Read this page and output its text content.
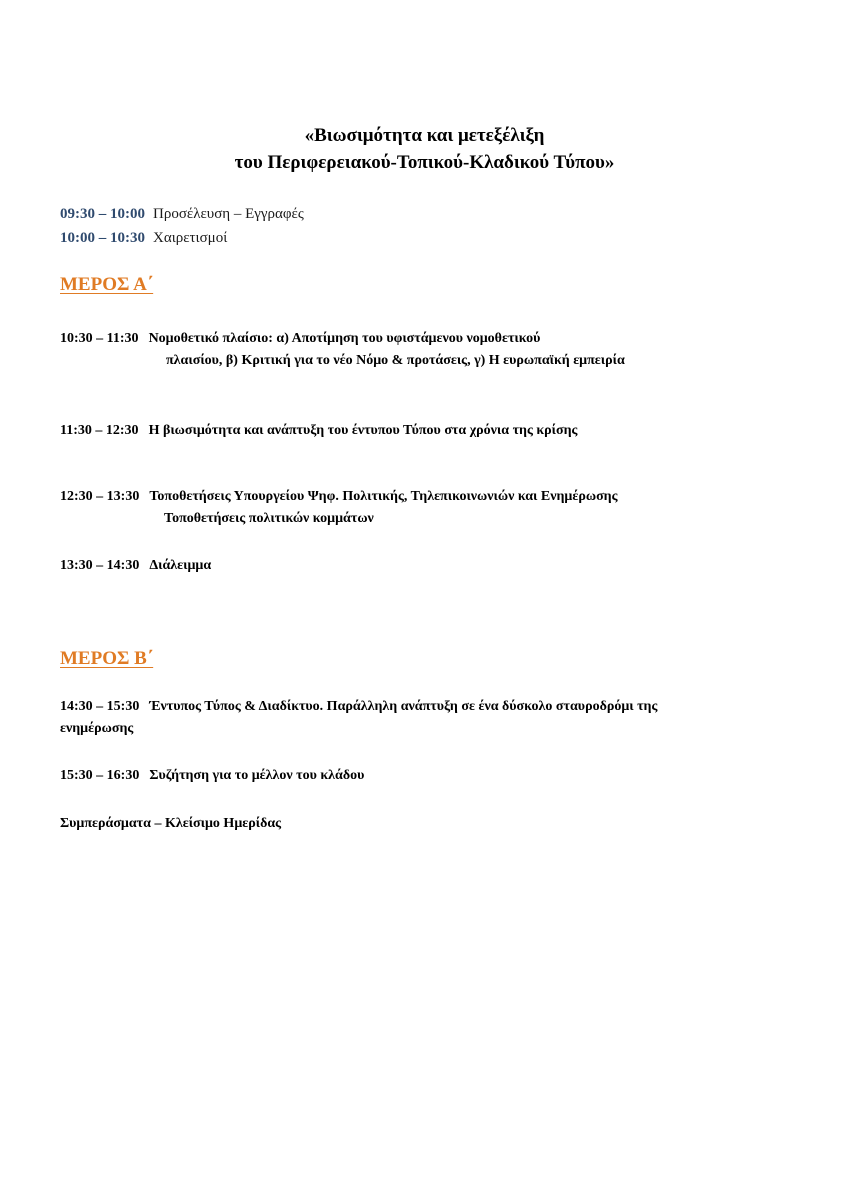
«Βιωσιμότητα και μετεξέλιξη
του Περιφερειακού-Τοπικού-Κλαδικού Τύπου»
09:30 – 10:00 Προσέλευση – Εγγραφές
10:00 – 10:30 Χαιρετισμοί
ΜΕΡΟΣ Α΄
10:30 – 11:30 Νομοθετικό πλαίσιο: α) Αποτίμηση του υφιστάμενου νομοθετικού
πλαισίου, β) Κριτική για το νέο Νόμο & προτάσεις, γ) Η ευρωπαϊκή εμπειρία
11:30 – 12:30 Η βιωσιμότητα και ανάπτυξη του έντυπου Τύπου στα χρόνια της κρίσης
12:30 – 13:30 Τοποθετήσεις Υπουργείου Ψηφ. Πολιτικής, Τηλεπικοινωνιών και Ενημέρωσης
Τοποθετήσεις πολιτικών κομμάτων
13:30 – 14:30 Διάλειμμα
ΜΕΡΟΣ Β΄
14:30 – 15:30 Έντυπος Τύπος & Διαδίκτυο. Παράλληλη ανάπτυξη σε ένα δύσκολο σταυροδρόμι της
ενημέρωσης
15:30 – 16:30 Συζήτηση για το μέλλον του κλάδου
Συμπεράσματα – Κλείσιμο Ημερίδας
